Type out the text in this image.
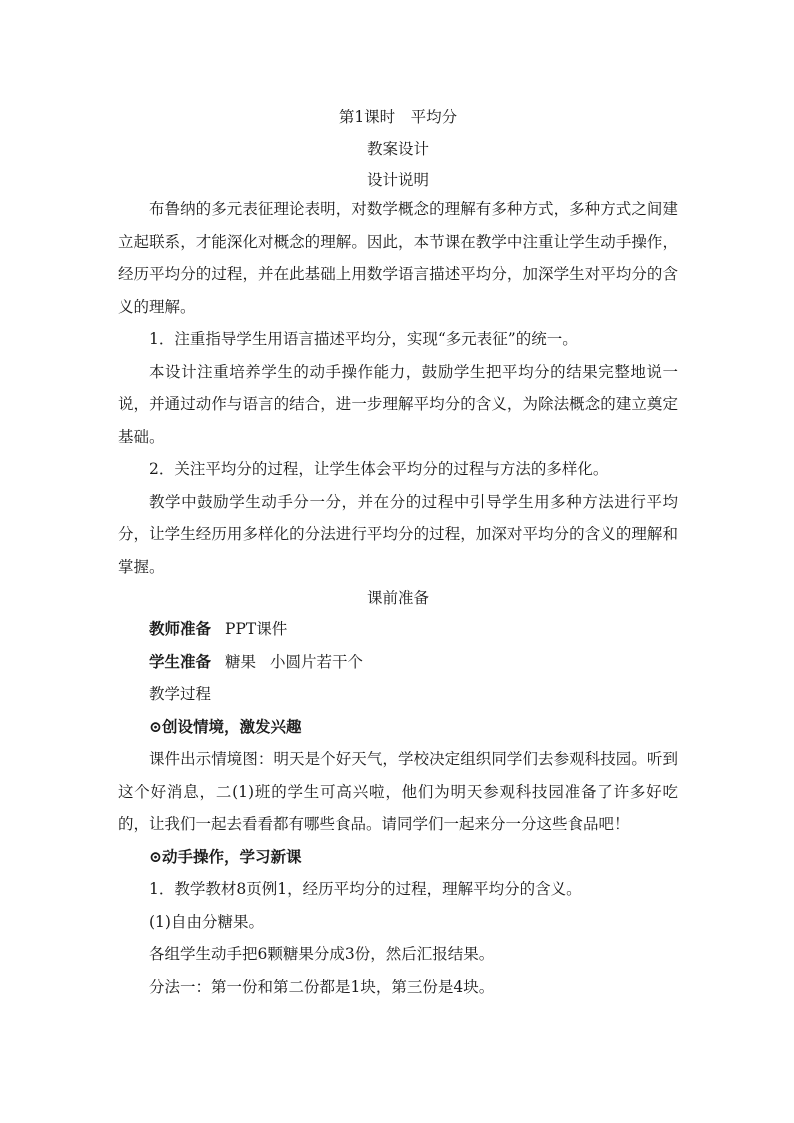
第1课时　平均分
教案设计
设计说明

布鲁纳的多元表征理论表明，对数学概念的理解有多种方式，多种方式之间建立起联系，才能深化对概念的理解。因此，本节课在教学中注重让学生动手操作，经历平均分的过程，并在此基础上用数学语言描述平均分，加深学生对平均分的含义的理解。

1．注重指导学生用语言描述平均分，实现“多元表征”的统一。

本设计注重培养学生的动手操作能力，鼓励学生把平均分的结果完整地说一说，并通过动作与语言的结合，进一步理解平均分的含义，为除法概念的建立奠定基础。

2．关注平均分的过程，让学生体会平均分的过程与方法的多样化。

教学中鼓励学生动手分一分，并在分的过程中引导学生用多种方法进行平均分，让学生经历用多样化的分法进行平均分的过程，加深对平均分的含义的理解和掌握。

课前准备

教师准备 PPT课件

学生准备 糖果 小圆片若干个

教学过程

⊙创设情境，激发兴趣

课件出示情境图：明天是个好天气，学校决定组织同学们去参观科技园。听到这个好消息，二(1)班的学生可高兴啦，他们为明天参观科技园准备了许多好吃的，让我们一起去看看都有哪些食品。请同学们一起来分一分这些食品吧！

⊙动手操作，学习新课

1．教学教材8页例1，经历平均分的过程，理解平均分的含义。

(1)自由分糖果。

各组学生动手把6颗糖果分成3份，然后汇报结果。

分法一：第一份和第二份都是1块，第三份是4块。
